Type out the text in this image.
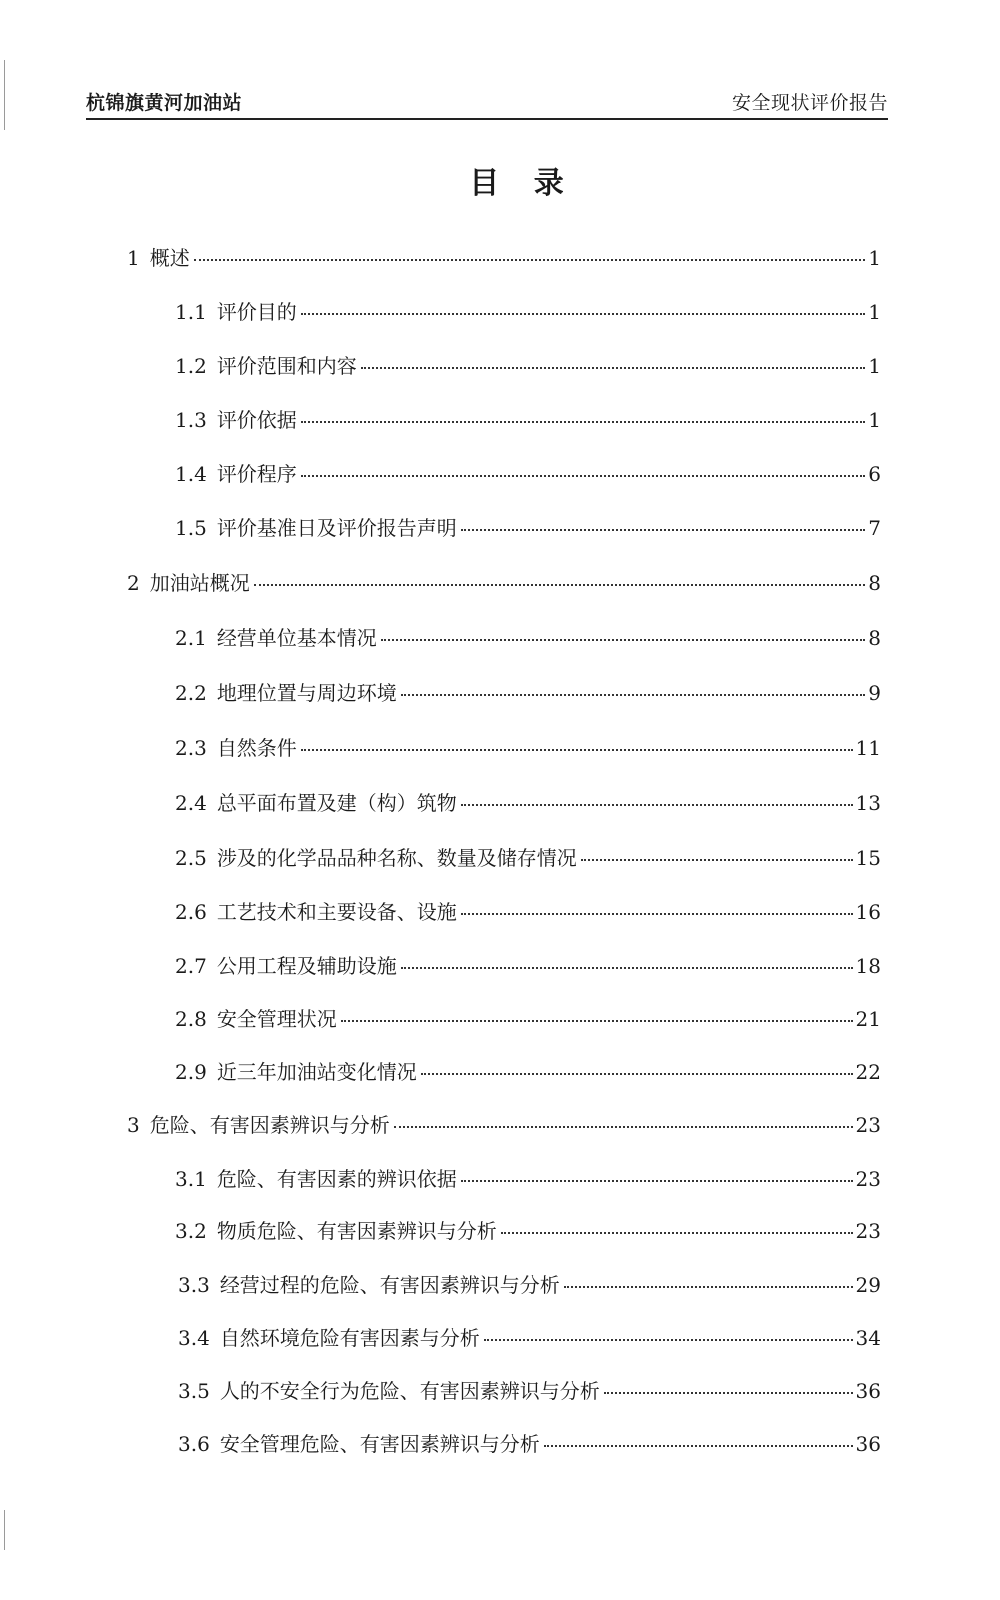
杭锦旗黄河加油站	安全现状评价报告
目 录
1 概述	1
1.1 评价目的	1
1.2 评价范围和内容	1
1.3 评价依据	1
1.4 评价程序	6
1.5 评价基准日及评价报告声明	7
2 加油站概况	8
2.1 经营单位基本情况	8
2.2 地理位置与周边环境	9
2.3 自然条件	11
2.4 总平面布置及建（构）筑物	13
2.5 涉及的化学品品种名称、数量及储存情况	15
2.6 工艺技术和主要设备、设施	16
2.7 公用工程及辅助设施	18
2.8 安全管理状况	21
2.9 近三年加油站变化情况	22
3 危险、有害因素辨识与分析	23
3.1 危险、有害因素的辨识依据	23
3.2 物质危险、有害因素辨识与分析	23
3.3 经营过程的危险、有害因素辨识与分析	29
3.4 自然环境危险有害因素与分析	34
3.5 人的不安全行为危险、有害因素辨识与分析	36
3.6 安全管理危险、有害因素辨识与分析	36
